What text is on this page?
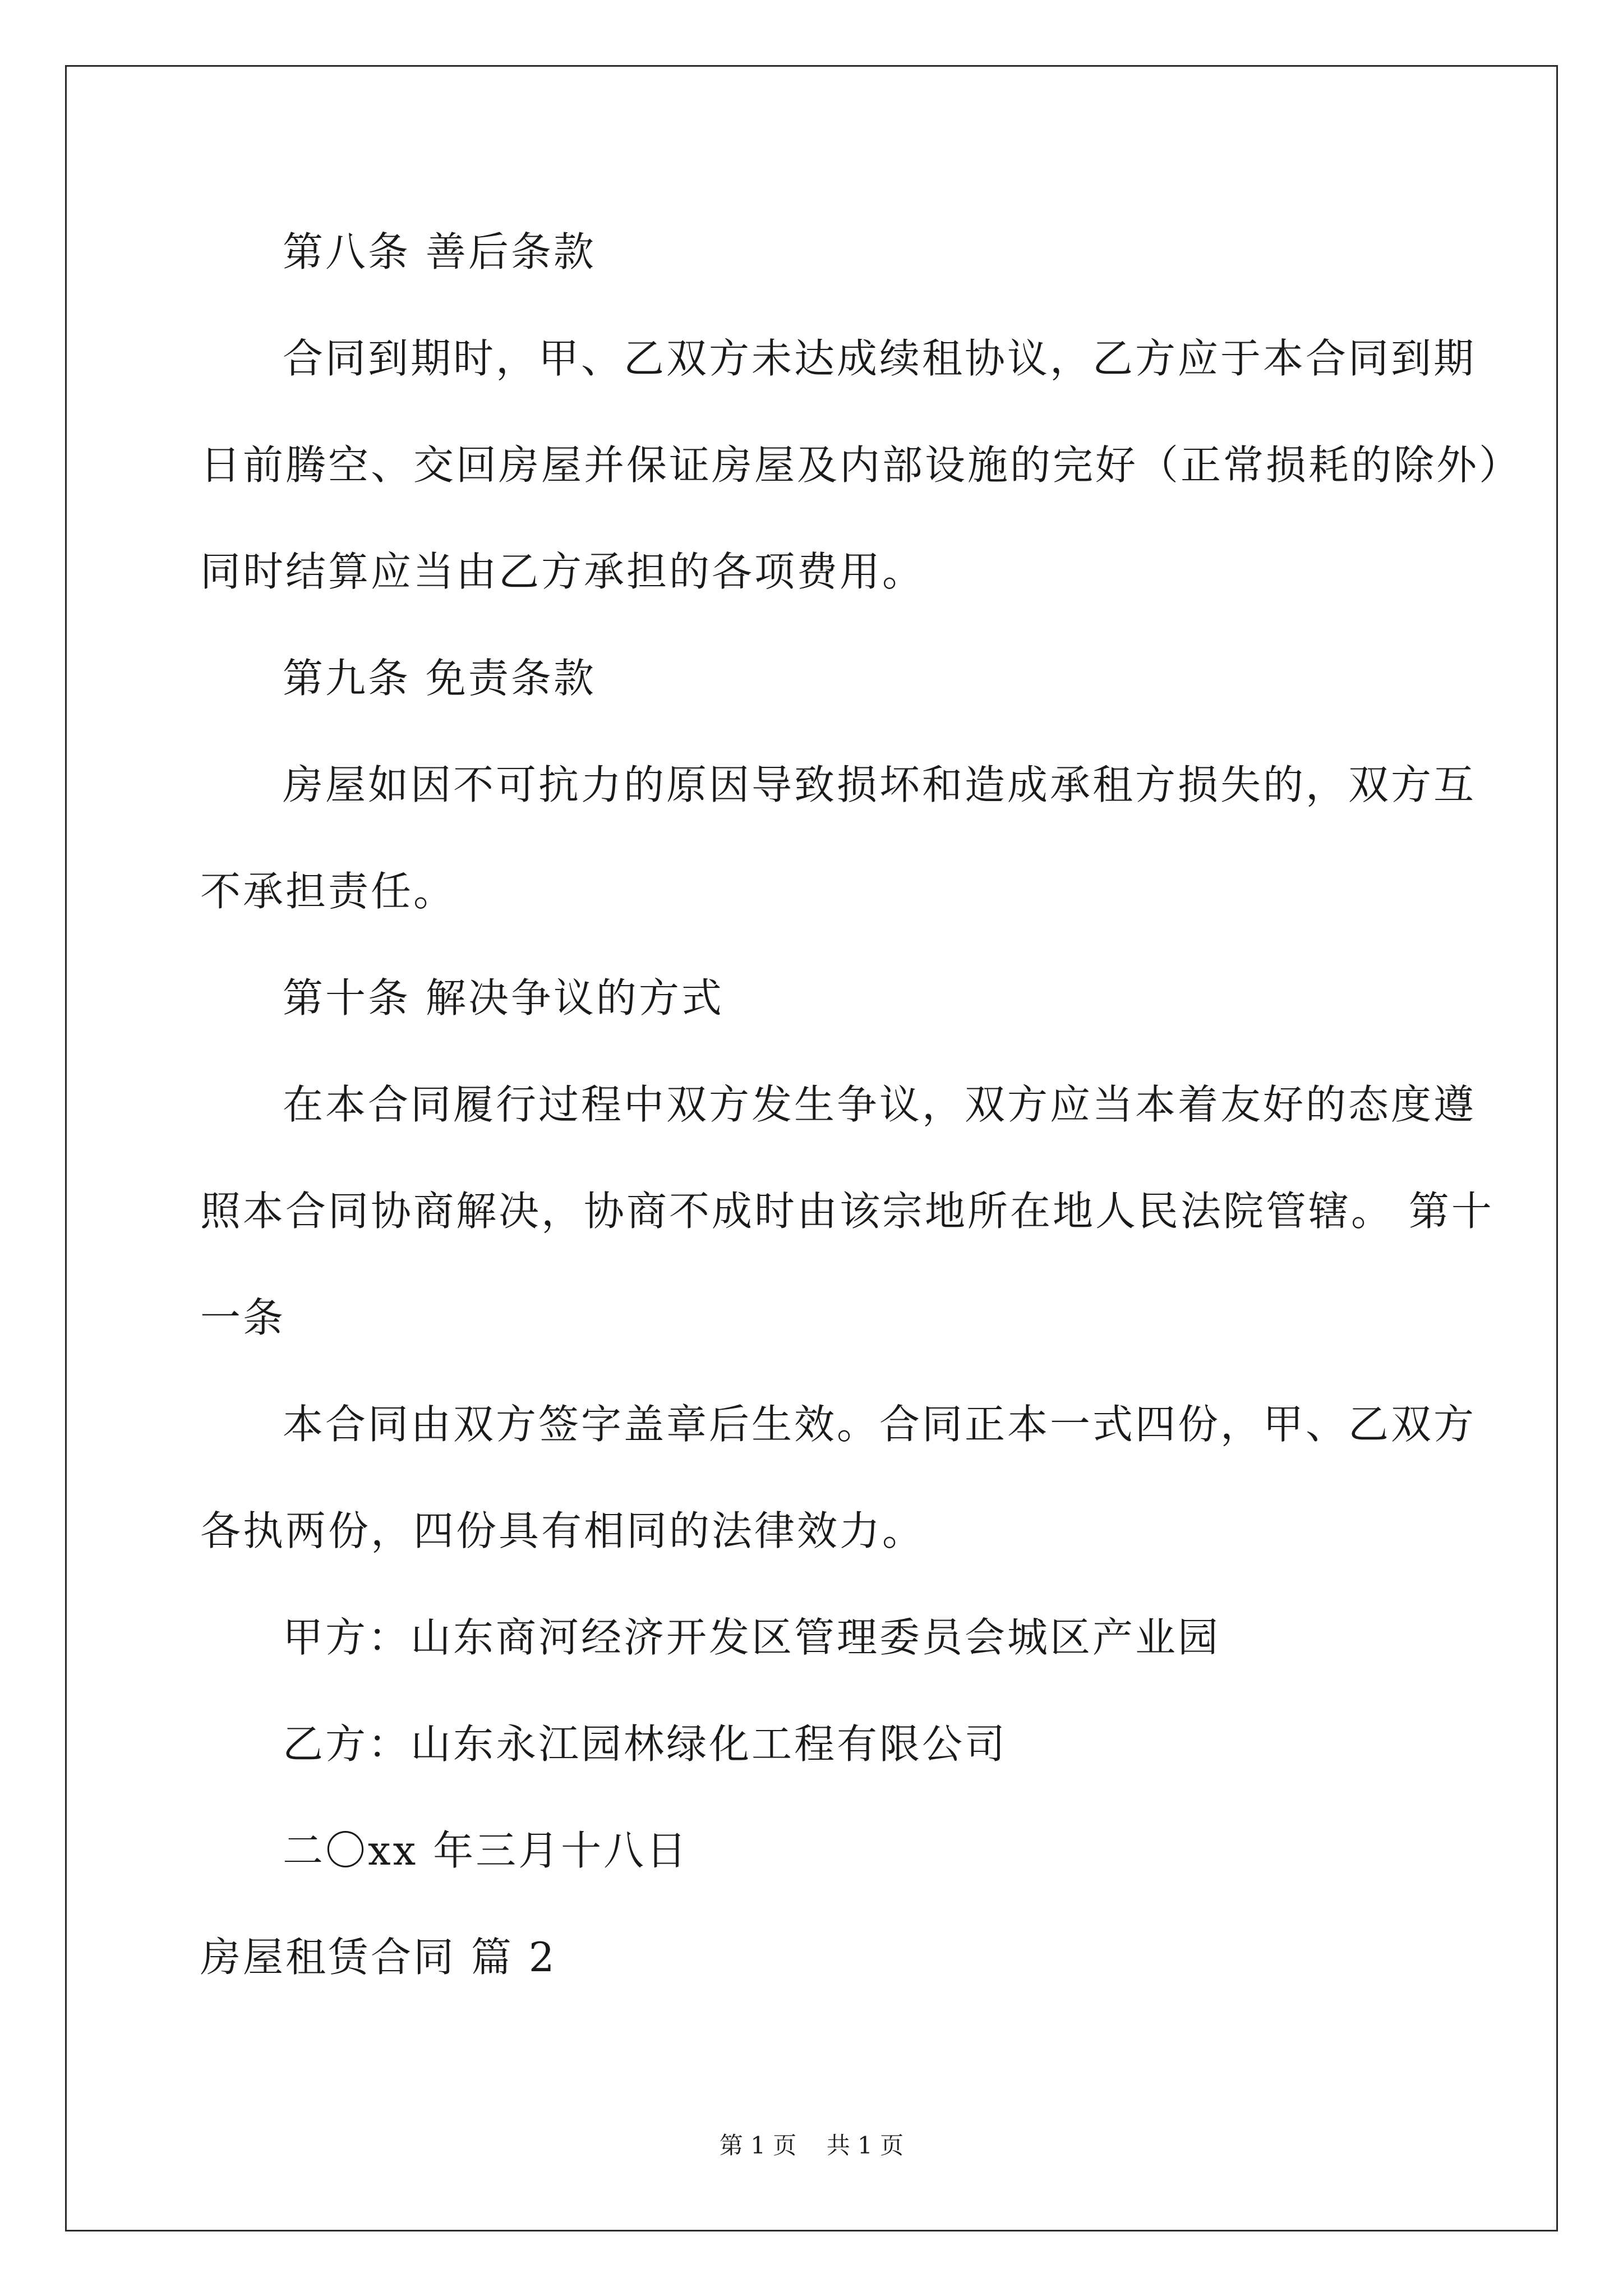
第八条 善后条款
合同到期时，甲、乙双方未达成续租协议，乙方应于本合同到期
日前腾空、交回房屋并保证房屋及内部设施的完好（正常损耗的除外）
同时结算应当由乙方承担的各项费用。
第九条 免责条款
房屋如因不可抗力的原因导致损坏和造成承租方损失的，双方互
不承担责任。
第十条 解决争议的方式
在本合同履行过程中双方发生争议，双方应当本着友好的态度遵
照本合同协商解决，协商不成时由该宗地所在地人民法院管辖。 第十
一条
本合同由双方签字盖章后生效。合同正本一式四份，甲、乙双方
各执两份，四份具有相同的法律效力。
甲方：山东商河经济开发区管理委员会城区产业园
乙方：山东永江园林绿化工程有限公司
二〇xx 年三月十八日
房屋租赁合同 篇 2
第 1 页    共 1 页
